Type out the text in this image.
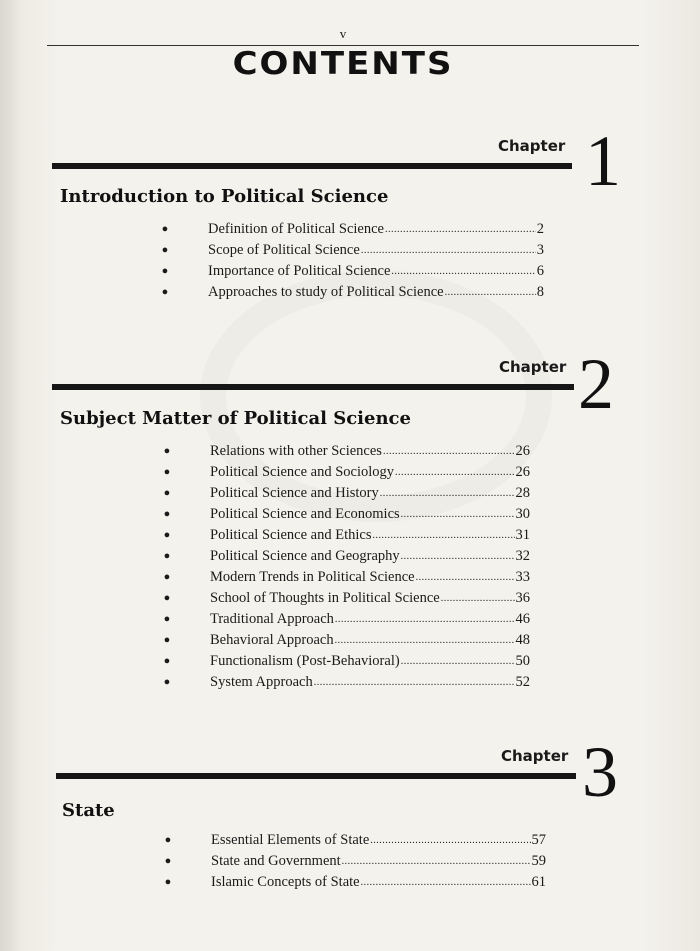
v
CONTENTS
Chapter 1
Introduction to Political Science
●	Definition of Political Science .....	2
●	Scope of Political Science .....	3
●	Importance of Political Science .....	6
●	Approaches to study of Political Science .....	8
Chapter 2
Subject Matter of Political Science
●	Relations with other Sciences .....	26
●	Political Science and Sociology .....	26
●	Political Science and History .....	28
●	Political Science and Economics .....	30
●	Political Science and Ethics .....	31
●	Political Science and Geography .....	32
●	Modern Trends in Political Science .....	33
●	School of Thoughts in Political Science .....	36
●	Traditional Approach .....	46
●	Behavioral Approach .....	48
●	Functionalism (Post-Behavioral) .....	50
●	System Approach .....	52
Chapter 3
State
●	Essential Elements of State .....	57
●	State and Government .....	59
●	Islamic Concepts of State .....	61
